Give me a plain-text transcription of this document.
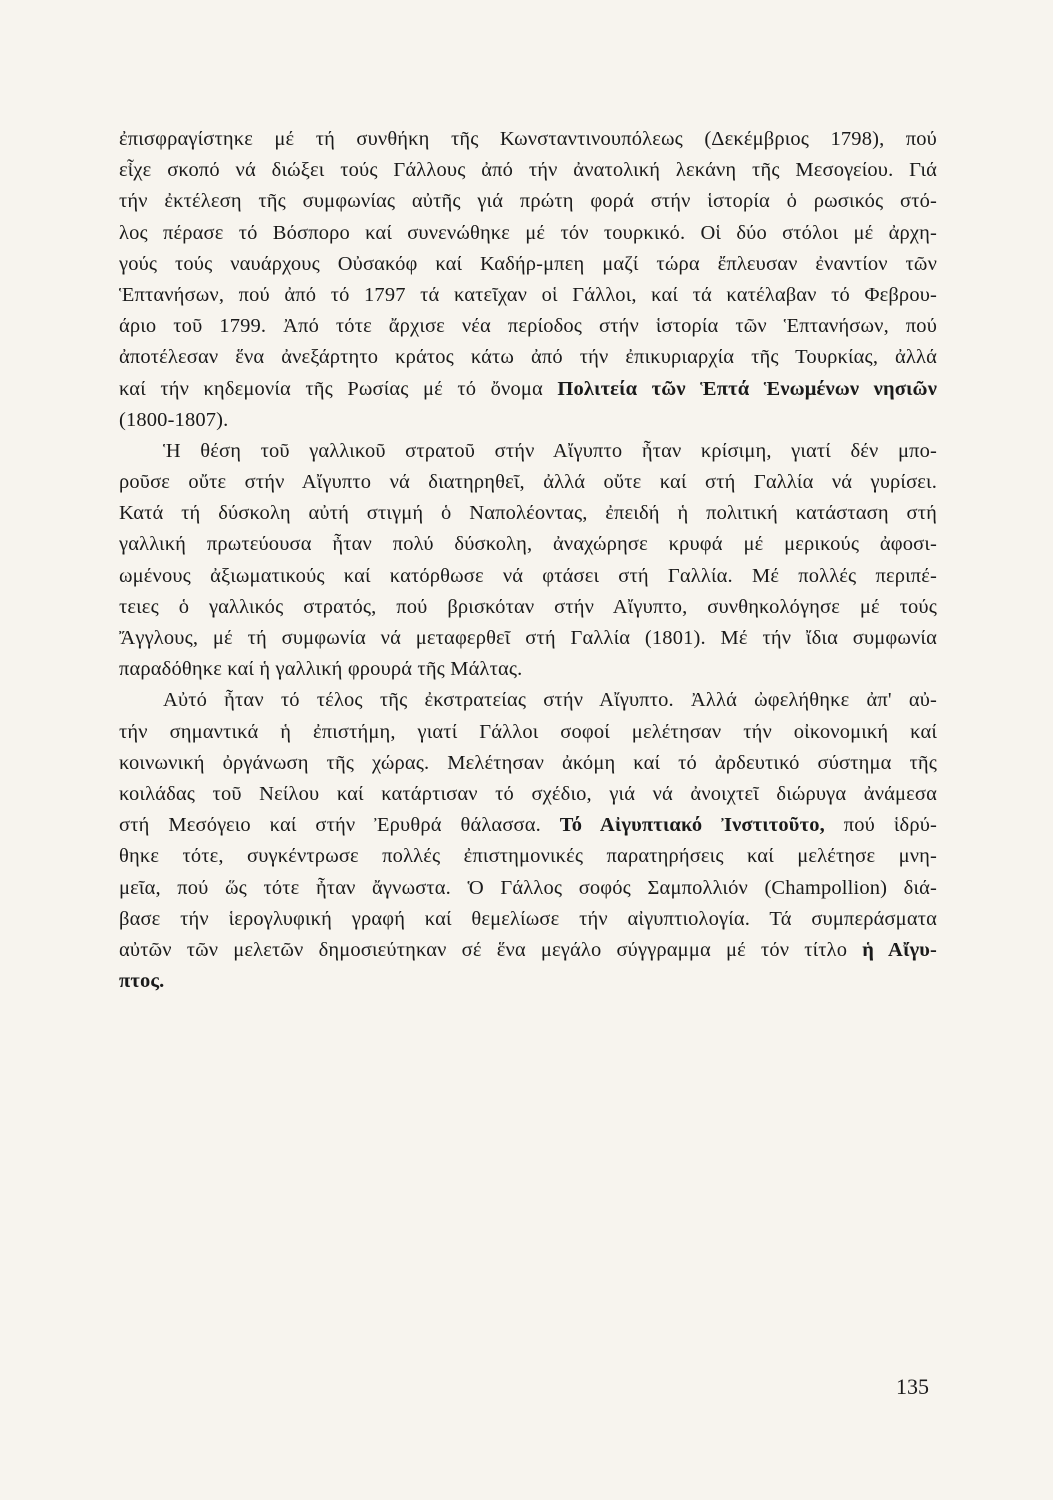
ἐπισφραγίστηκε μέ τή συνθήκη τῆς Κωνσταντινουπόλεως (Δεκέμβριος 1798), πού
εἶχε σκοπό νά διώξει τούς Γάλλους ἀπό τήν ἀνατολική λεκάνη τῆς Μεσογείου. Γιά
τήν ἐκτέλεση τῆς συμφωνίας αὐτῆς γιά πρώτη φορά στήν ἱστορία ὁ ρωσικός στό-
λος πέρασε τό Βόσπορο καί συνενώθηκε μέ τόν τουρκικό. Οἱ δύο στόλοι μέ ἀρχη-
γούς τούς ναυάρχους Οὐσακόφ καί Καδήρ-μπεη μαζί τώρα ἔπλευσαν ἐναντίον τῶν
Ἑπτανήσων, πού ἀπό τό 1797 τά κατεῖχαν οἱ Γάλλοι, καί τά κατέλαβαν τό Φεβρου-
άριο τοῦ 1799. Ἀπό τότε ἄρχισε νέα περίοδος στήν ἱστορία τῶν Ἑπτανήσων, πού
ἀποτέλεσαν ἕνα ἀνεξάρτητο κράτος κάτω ἀπό τήν ἐπικυριαρχία τῆς Τουρκίας, ἀλλά
καί τήν κηδεμονία τῆς Ρωσίας μέ τό ὄνομα Πολιτεία τῶν Ἑπτά Ἑνωμένων νησιῶν
(1800-1807).
Ἡ θέση τοῦ γαλλικοῦ στρατοῦ στήν Αἴγυπτο ἦταν κρίσιμη, γιατί δέν μπο-
ροῦσε οὔτε στήν Αἴγυπτο νά διατηρηθεῖ, ἀλλά οὔτε καί στή Γαλλία νά γυρίσει.
Κατά τή δύσκολη αὐτή στιγμή ὁ Ναπολέοντας, ἐπειδή ἡ πολιτική κατάσταση στή
γαλλική πρωτεύουσα ἦταν πολύ δύσκολη, ἀναχώρησε κρυφά μέ μερικούς ἀφοσι-
ωμένους ἀξιωματικούς καί κατόρθωσε νά φτάσει στή Γαλλία. Μέ πολλές περιπέ-
τειες ὁ γαλλικός στρατός, πού βρισκόταν στήν Αἴγυπτο, συνθηκολόγησε μέ τούς
Ἄγγλους, μέ τή συμφωνία νά μεταφερθεῖ στή Γαλλία (1801). Μέ τήν ἴδια συμφωνία
παραδόθηκε καί ἡ γαλλική φρουρά τῆς Μάλτας.
Αὐτό ἦταν τό τέλος τῆς ἐκστρατείας στήν Αἴγυπτο. Ἀλλά ὠφελήθηκε ἀπ' αὐ-
τήν σημαντικά ἡ ἐπιστήμη, γιατί Γάλλοι σοφοί μελέτησαν τήν οἰκονομική καί
κοινωνική ὀργάνωση τῆς χώρας. Μελέτησαν ἀκόμη καί τό ἀρδευτικό σύστημα τῆς
κοιλάδας τοῦ Νείλου καί κατάρτισαν τό σχέδιο, γιά νά ἀνοιχτεῖ διώρυγα ἀνάμεσα
στή Μεσόγειο καί στήν Ἐρυθρά θάλασσα. Τό Αἰγυπτιακό Ἰνστιτοῦτο, πού ἱδρύ-
θηκε τότε, συγκέντρωσε πολλές ἐπιστημονικές παρατηρήσεις καί μελέτησε μνη-
μεῖα, πού ὥς τότε ἦταν ἄγνωστα. Ὁ Γάλλος σοφός Σαμπολλιόν (Champollion) διά-
βασε τήν ἱερογλυφική γραφή καί θεμελίωσε τήν αἰγυπτιολογία. Τά συμπεράσματα
αὐτῶν τῶν μελετῶν δημοσιεύτηκαν σέ ἕνα μεγάλο σύγγραμμα μέ τόν τίτλο ἡ Αἴγυ-
πτος.
135
